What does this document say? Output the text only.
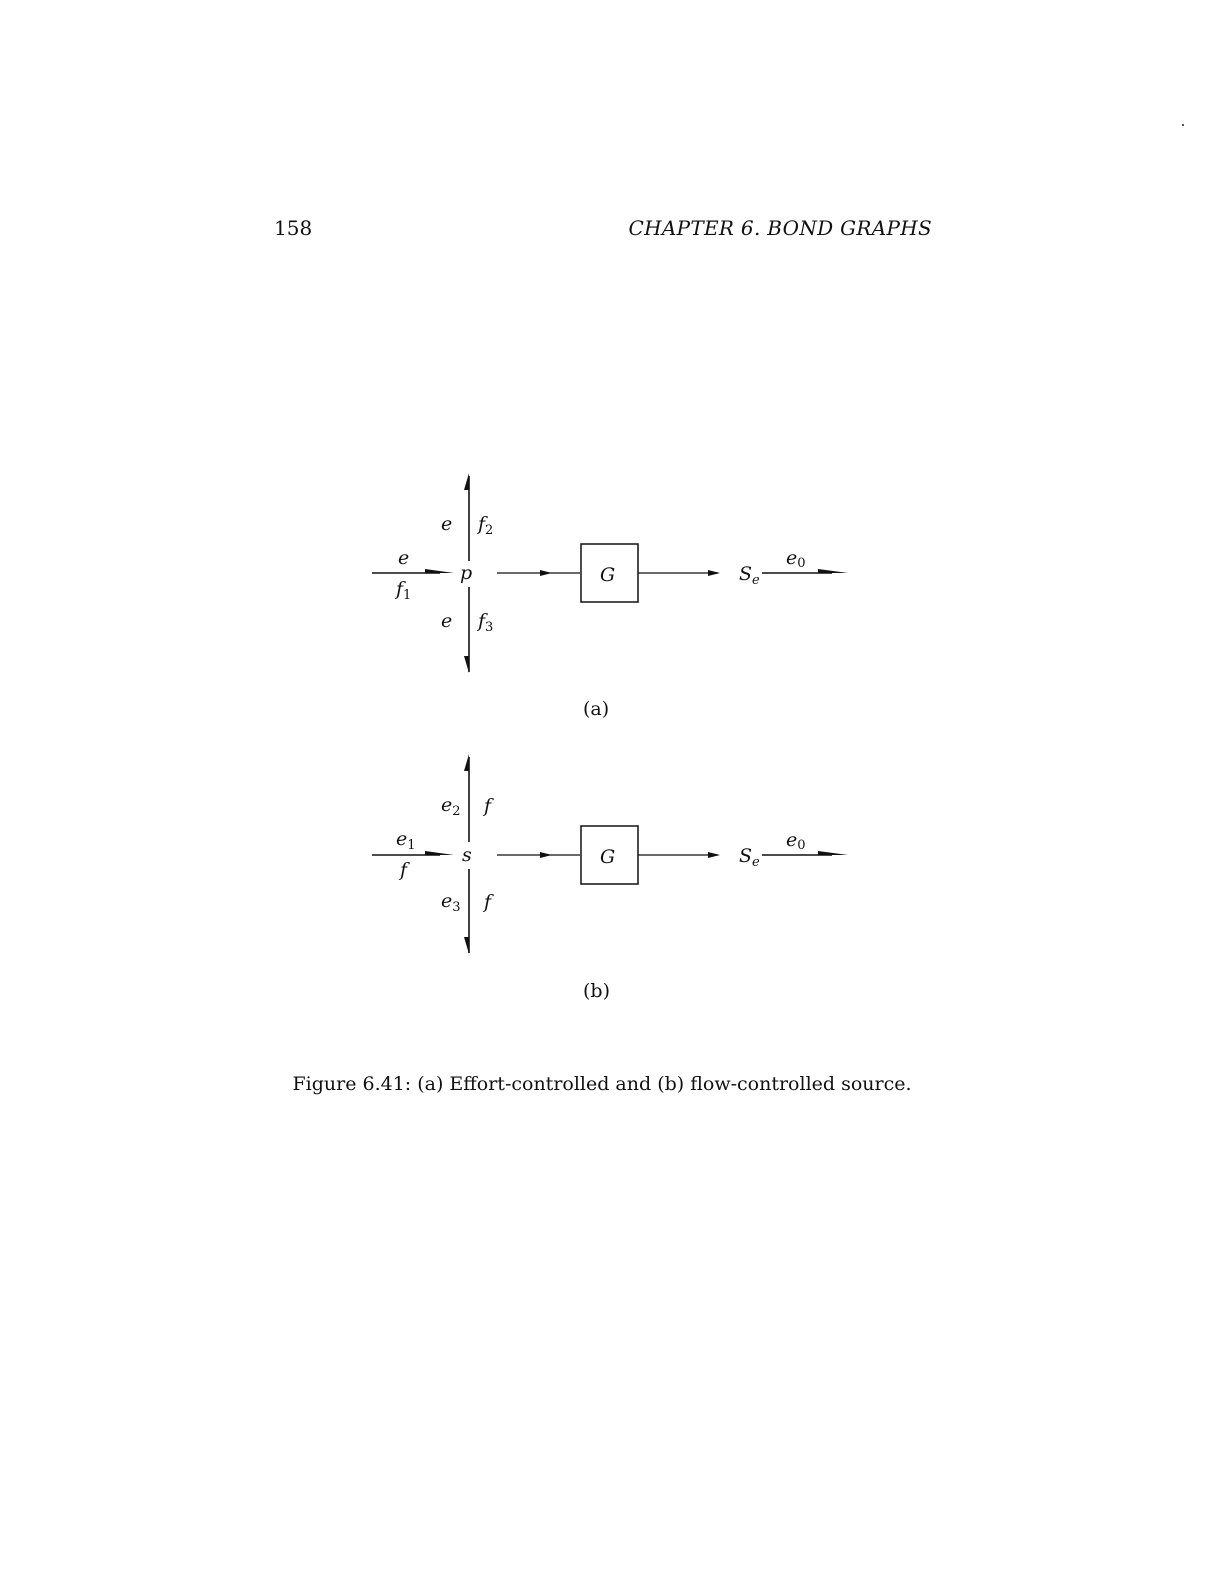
158	CHAPTER 6. BOND GRAPHS
e
$f_1$
p
e $f_2$
e $f_3$
G	$S_e$
e0
(a)
$e_1$
f
s
$e_2$ f
$e_3$ f
G	$S_e$
e0
(b)
Figure 6.41: (a) Effort-controlled and (b) flow-controlled source.
